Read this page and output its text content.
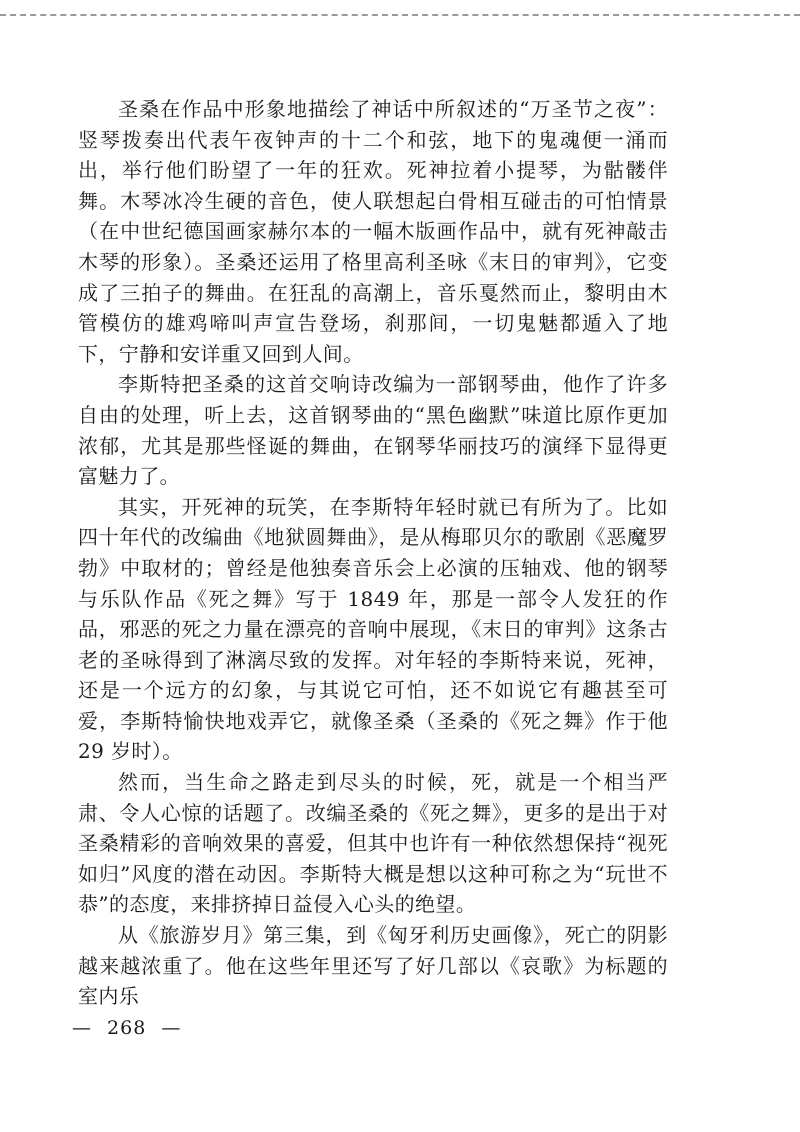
圣桑在作品中形象地描绘了神话中所叙述的“万圣节之夜”：竖琴拨奏出代表午夜钟声的十二个和弦，地下的鬼魂便一涌而出，举行他们盼望了一年的狂欢。死神拉着小提琴，为骷髅伴舞。木琴冰冷生硬的音色，使人联想起白骨相互碰击的可怕情景（在中世纪德国画家赫尔本的一幅木版画作品中，就有死神敲击木琴的形象）。圣桑还运用了格里高利圣咏《末日的审判》，它变成了三拍子的舞曲。在狂乱的高潮上，音乐戛然而止，黎明由木管模仿的雄鸡啼叫声宣告登场，刹那间，一切鬼魅都遁入了地下，宁静和安详重又回到人间。

李斯特把圣桑的这首交响诗改编为一部钢琴曲，他作了许多自由的处理，听上去，这首钢琴曲的“黑色幽默”味道比原作更加浓郁，尤其是那些怪诞的舞曲，在钢琴华丽技巧的演绎下显得更富魅力了。

其实，开死神的玩笑，在李斯特年轻时就已有所为了。比如四十年代的改编曲《地狱圆舞曲》，是从梅耶贝尔的歌剧《恶魔罗勃》中取材的；曾经是他独奏音乐会上必演的压轴戏、他的钢琴与乐队作品《死之舞》写于 1849 年，那是一部令人发狂的作品，邪恶的死之力量在漂亮的音响中展现，《末日的审判》这条古老的圣咏得到了淋漓尽致的发挥。对年轻的李斯特来说，死神，还是一个远方的幻象，与其说它可怕，还不如说它有趣甚至可爱，李斯特愉快地戏弄它，就像圣桑（圣桑的《死之舞》作于他 29 岁时）。

然而，当生命之路走到尽头的时候，死，就是一个相当严肃、令人心惊的话题了。改编圣桑的《死之舞》，更多的是出于对圣桑精彩的音响效果的喜爱，但其中也许有一种依然想保持“视死如归”风度的潜在动因。李斯特大概是想以这种可称之为“玩世不恭”的态度，来排挤掉日益侵入心头的绝望。

从《旅游岁月》第三集，到《匈牙利历史画像》，死亡的阴影越来越浓重了。他在这些年里还写了好几部以《哀歌》为标题的室内乐

— 268 —
